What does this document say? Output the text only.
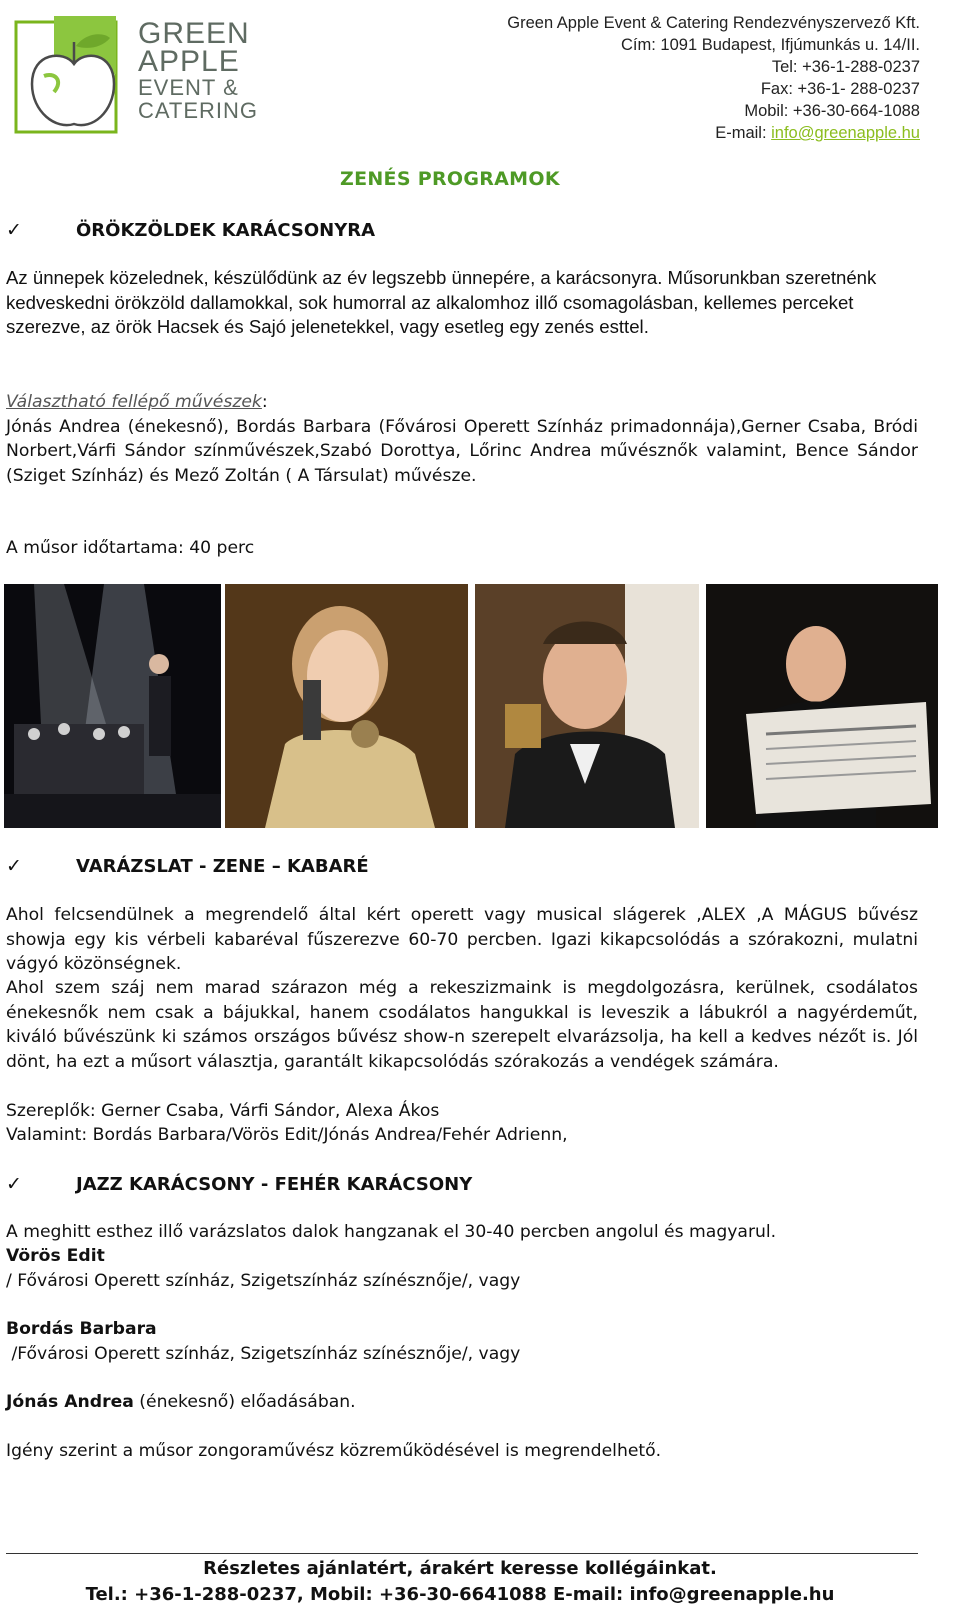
GREEN
APPLE
EVENT &
CATERING
Green Apple Event & Catering Rendezvényszervező Kft.
Cím: 1091 Budapest, Ifjúmunkás u. 14/II.
Tel: +36-1-288-0237
Fax: +36-1- 288-0237
Mobil: +36-30-664-1088
E-mail: info@greenapple.hu
ZENÉS PROGRAMOK
✓	ÖRÖKZÖLDEK KARÁCSONYRA
Az ünnepek közelednek, készülődünk az év legszebb ünnepére, a karácsonyra. Műsorunkban szeretnénk kedveskedni örökzöld dallamokkal, sok humorral az alkalomhoz illő csomagolásban, kellemes perceket szerezve, az örök Hacsek és Sajó jelenetekkel, vagy esetleg egy zenés esttel.
Választható fellépő művészek:
Jónás Andrea (énekesnő), Bordás Barbara (Fővárosi Operett Színház primadonnája),Gerner Csaba, Bródi Norbert,Várfi Sándor színművészek,Szabó Dorottya, Lőrinc Andrea művésznők valamint, Bence Sándor (Sziget Színház) és Mező Zoltán ( A Társulat) művésze.
A műsor időtartama: 40 perc
✓	VARÁZSLAT - ZENE – KABARÉ
Ahol felcsendülnek a megrendelő által kért operett vagy musical slágerek ,ALEX ,A MÁGUS bűvész showja egy kis vérbeli kabaréval fűszerezve 60-70 percben. Igazi kikapcsolódás a szórakozni, mulatni vágyó közönségnek.
Ahol szem száj nem marad szárazon még a rekeszizmaink is megdolgozásra, kerülnek, csodálatos énekesnők nem csak a bájukkal, hanem csodálatos hangukkal is leveszik a lábukról a nagyérdeműt, kiváló bűvészünk ki számos országos bűvész show-n szerepelt elvarázsolja, ha kell a kedves nézőt is. Jól dönt, ha ezt a műsort választja, garantált kikapcsolódás szórakozás a vendégek számára.
Szereplők: Gerner Csaba, Várfi Sándor, Alexa Ákos
Valamint: Bordás Barbara/Vörös Edit/Jónás Andrea/Fehér Adrienn,
✓	JAZZ KARÁCSONY - FEHÉR KARÁCSONY
A meghitt esthez illő varázslatos dalok hangzanak el 30-40 percben angolul és magyarul.
Vörös Edit
/ Fővárosi Operett színház, Szigetszínház színésznője/, vagy
Bordás Barbara
/Fővárosi Operett színház, Szigetszínház színésznője/, vagy
Jónás Andrea (énekesnő) előadásában.
Igény szerint a műsor zongoraművész közreműködésével is megrendelhető.
Részletes ajánlatért, árakért keresse kollégáinkat.
Tel.: +36-1-288-0237, Mobil: +36-30-6641088 E-mail: info@greenapple.hu
